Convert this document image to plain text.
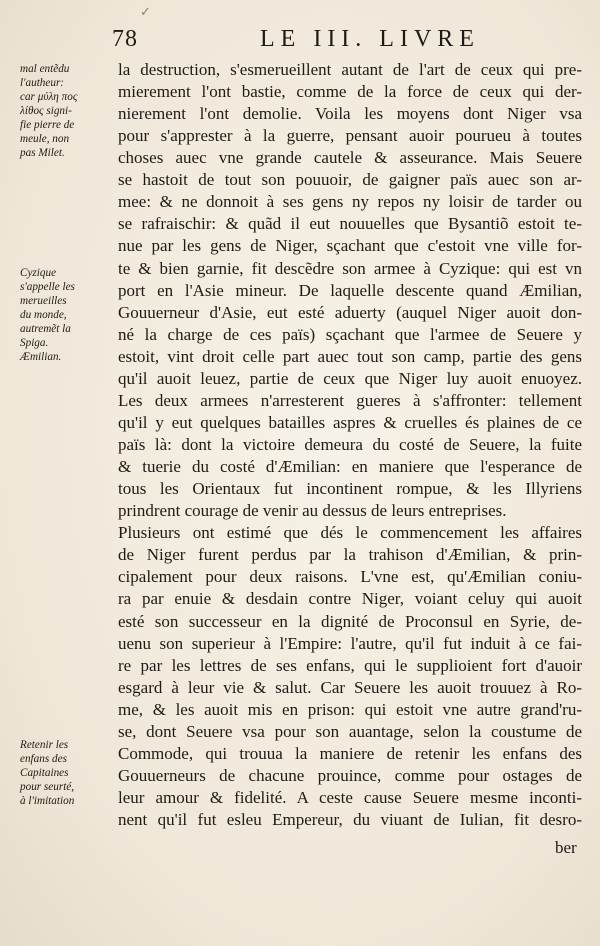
✓
78	LE III. LIVRE
mal entẽdu
l'autheur:
car μύλη πος
λίθος signi-
fie pierre de
meule, non
pas Milet.
Cyzique
s'appelle les
merueilles
du monde,
autremẽt la
Spiga.
Æmilian.
Retenir les
enfans des
Capitaines
pour seurté,
à l'imitation
la destruction, s'esmerueillent autant de l'art de ceux qui pre-
mierement l'ont bastie, comme de la force de ceux qui der-
nierement l'ont demolie. Voila les moyens dont Niger vsa
pour s'apprester à la guerre, pensant auoir pourueu à toutes
choses auec vne grande cautele & asseurance. Mais Seuere
se hastoit de tout son pouuoir, de gaigner païs auec son ar-
mee: & ne donnoit à ses gens ny repos ny loisir de tarder ou
se rafraischir: & quãd il eut nouuelles que Bysantiõ estoit te-
nue par les gens de Niger, sçachant que c'estoit vne ville for-
te & bien garnie, fit descẽdre son armee à Cyzique: qui est vn
port en l'Asie mineur. De laquelle descente quand Æmilian,
Gouuerneur d'Asie, eut esté aduerty (auquel Niger auoit don-
né la charge de ces païs) sçachant que l'armee de Seuere y
estoit, vint droit celle part auec tout son camp, partie des gens
qu'il auoit leuez, partie de ceux que Niger luy auoit enuoyez.
Les deux armees n'arresterent gueres à s'affronter: tellement
qu'il y eut quelques batailles aspres & cruelles és plaines de ce
païs là: dont la victoire demeura du costé de Seuere, la fuite
& tuerie du costé d'Æmilian: en maniere que l'esperance de
tous les Orientaux fut incontinent rompue, & les Illyriens
prindrent courage de venir au dessus de leurs entreprises.
Plusieurs ont estimé que dés le commencement les affaires
de Niger furent perdus par la trahison d'Æmilian, & prin-
cipalement pour deux raisons. L'vne est, qu'Æmilian coniu-
ra par enuie & desdain contre Niger, voiant celuy qui auoit
esté son successeur en la dignité de Proconsul en Syrie, de-
uenu son superieur à l'Empire: l'autre, qu'il fut induit à ce fai-
re par les lettres de ses enfans, qui le supplioient fort d'auoir
esgard à leur vie & salut. Car Seuere les auoit trouuez à Ro-
me, & les auoit mis en prison: qui estoit vne autre grand'ru-
se, dont Seuere vsa pour son auantage, selon la coustume de
Commode, qui trouua la maniere de retenir les enfans des
Gouuerneurs de chacune prouince, comme pour ostages de
leur amour & fidelité. A ceste cause Seuere mesme inconti-
nent qu'il fut esleu Empereur, du viuant de Iulian, fit desro-
ber
